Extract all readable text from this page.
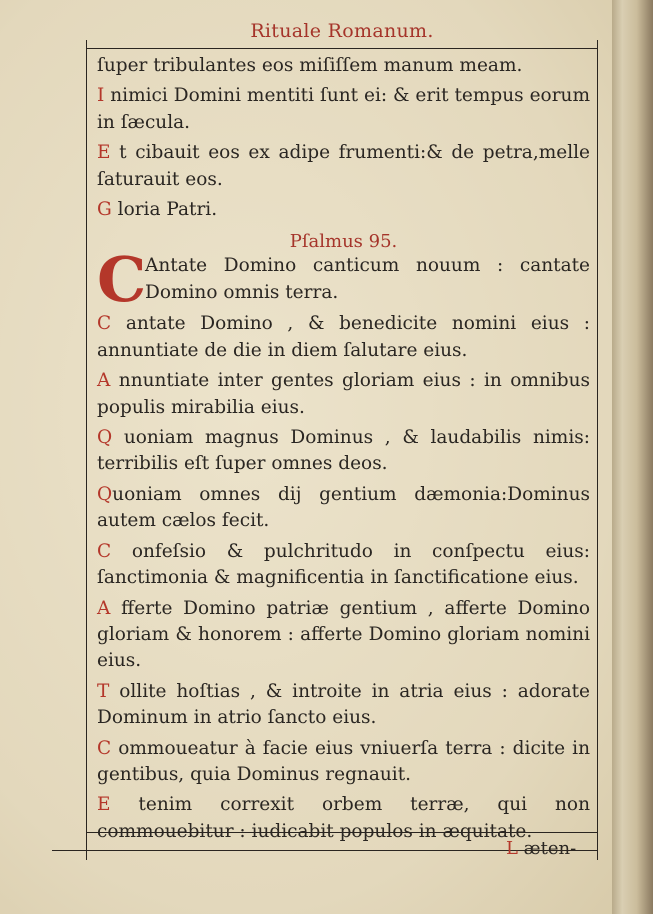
Rituale Romanum.

ſuper tribulantes eos miſiſſem manum meam.

I nimici Domini mentiti ſunt ei: & erit tempus eorum in ſæcula.

E t cibauit eos ex adipe frumenti:& de petra,melle ſaturauit eos.

G loria Patri.

Pſalmus 95.

C
Antate Domino canticum nouum : cantate Domino omnis terra.

C antate Domino , & benedicite nomini eius : annuntiate de die in diem ſalutare eius.

A nnuntiate inter gentes gloriam eius : in omnibus populis mirabilia eius.

Q uoniam magnus Dominus , & laudabilis nimis: terribilis eſt ſuper omnes deos.

Quoniam omnes dij gentium dæmonia:Dominus autem cælos fecit.

C onfeſsio & pulchritudo in conſpectu eius: ſanctimonia & magnificentia in ſanctificatione eius.

A fferte Domino patriæ gentium , afferte Domino gloriam & honorem : afferte Domino gloriam nomini eius.

T ollite hoſtias , & introite in atria eius : adorate Dominum in atrio ſancto eius.

C ommoueatur à facie eius vniuerſa terra : dicite in gentibus, quia Dominus regnauit.

E tenim correxit orbem terræ, qui non commouebitur : iudicabit populos in æquitate.

L æten-
